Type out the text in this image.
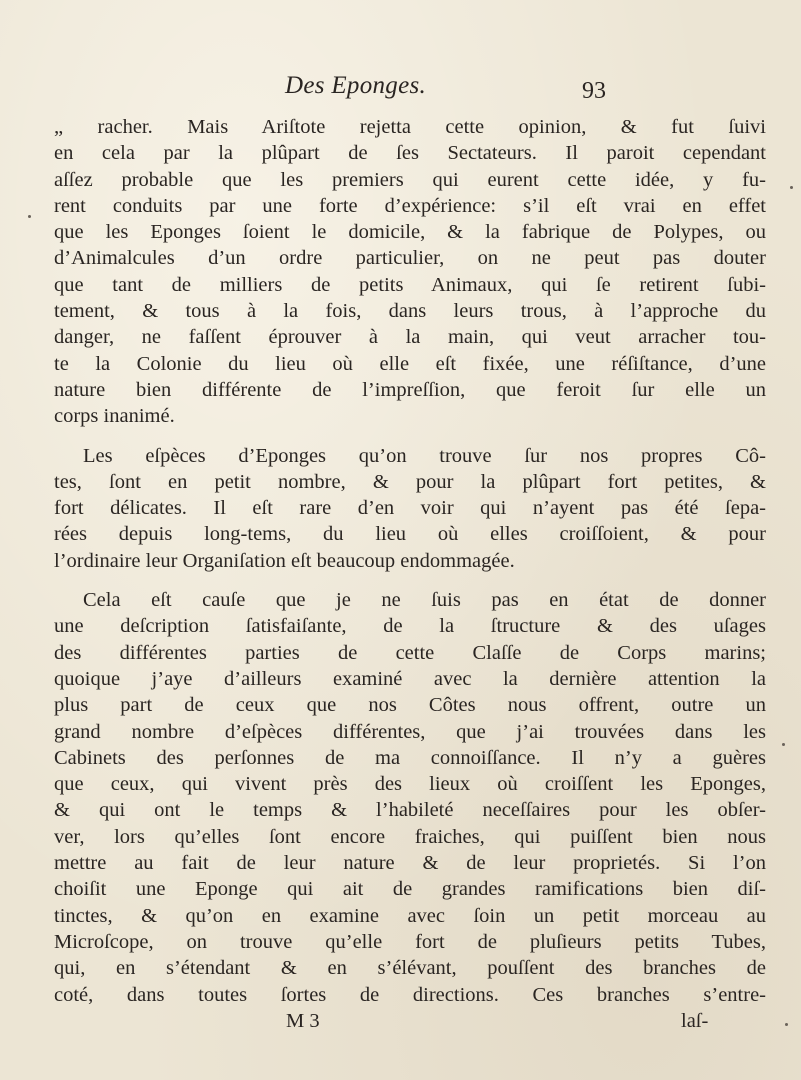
Des Eponges.	93
„ racher. Mais Ariſtote rejetta cette opinion, & fut ſuivi
en cela par la plûpart de ſes Sectateurs. Il paroit cependant
aſſez probable que les premiers qui eurent cette idée, y fu-
rent conduits par une forte d’expérience: s’il eſt vrai en effet
que les Eponges ſoient le domicile, & la fabrique de Polypes, ou
d’Animalcules d’un ordre particulier, on ne peut pas douter
que tant de milliers de petits Animaux, qui ſe retirent ſubi-
tement, & tous à la fois, dans leurs trous, à l’approche du
danger, ne faſſent éprouver à la main, qui veut arracher tou-
te la Colonie du lieu où elle eſt fixée, une réſiſtance, d’une
nature bien différente de l’impreſſion, que feroit ſur elle un
corps inanimé.
Les eſpèces d’Eponges qu’on trouve ſur nos propres Cô-
tes, ſont en petit nombre, & pour la plûpart fort petites, &
fort délicates. Il eſt rare d’en voir qui n’ayent pas été ſepa-
rées depuis long-tems, du lieu où elles croiſſoient, & pour
l’ordinaire leur Organiſation eſt beaucoup endommagée.
Cela eſt cauſe que je ne ſuis pas en état de donner
une deſcription ſatisfaiſante, de la ſtructure & des uſages
des différentes parties de cette Claſſe de Corps marins;
quoique j’aye d’ailleurs examiné avec la dernière attention la
plus part de ceux que nos Côtes nous offrent, outre un
grand nombre d’eſpèces différentes, que j’ai trouvées dans les
Cabinets des perſonnes de ma connoiſſance. Il n’y a guères
que ceux, qui vivent près des lieux où croiſſent les Eponges,
& qui ont le temps & l’habileté neceſſaires pour les obſer-
ver, lors qu’elles ſont encore fraiches, qui puiſſent bien nous
mettre au fait de leur nature & de leur proprietés. Si l’on
choiſit une Eponge qui ait de grandes ramifications bien diſ-
tinctes, & qu’on en examine avec ſoin un petit morceau au
Microſcope, on trouve qu’elle fort de pluſieurs petits Tubes,
qui, en s’étendant & en s’élévant, pouſſent des branches de
coté, dans toutes ſortes de directions. Ces branches s’entre-
M 3	laſ-
